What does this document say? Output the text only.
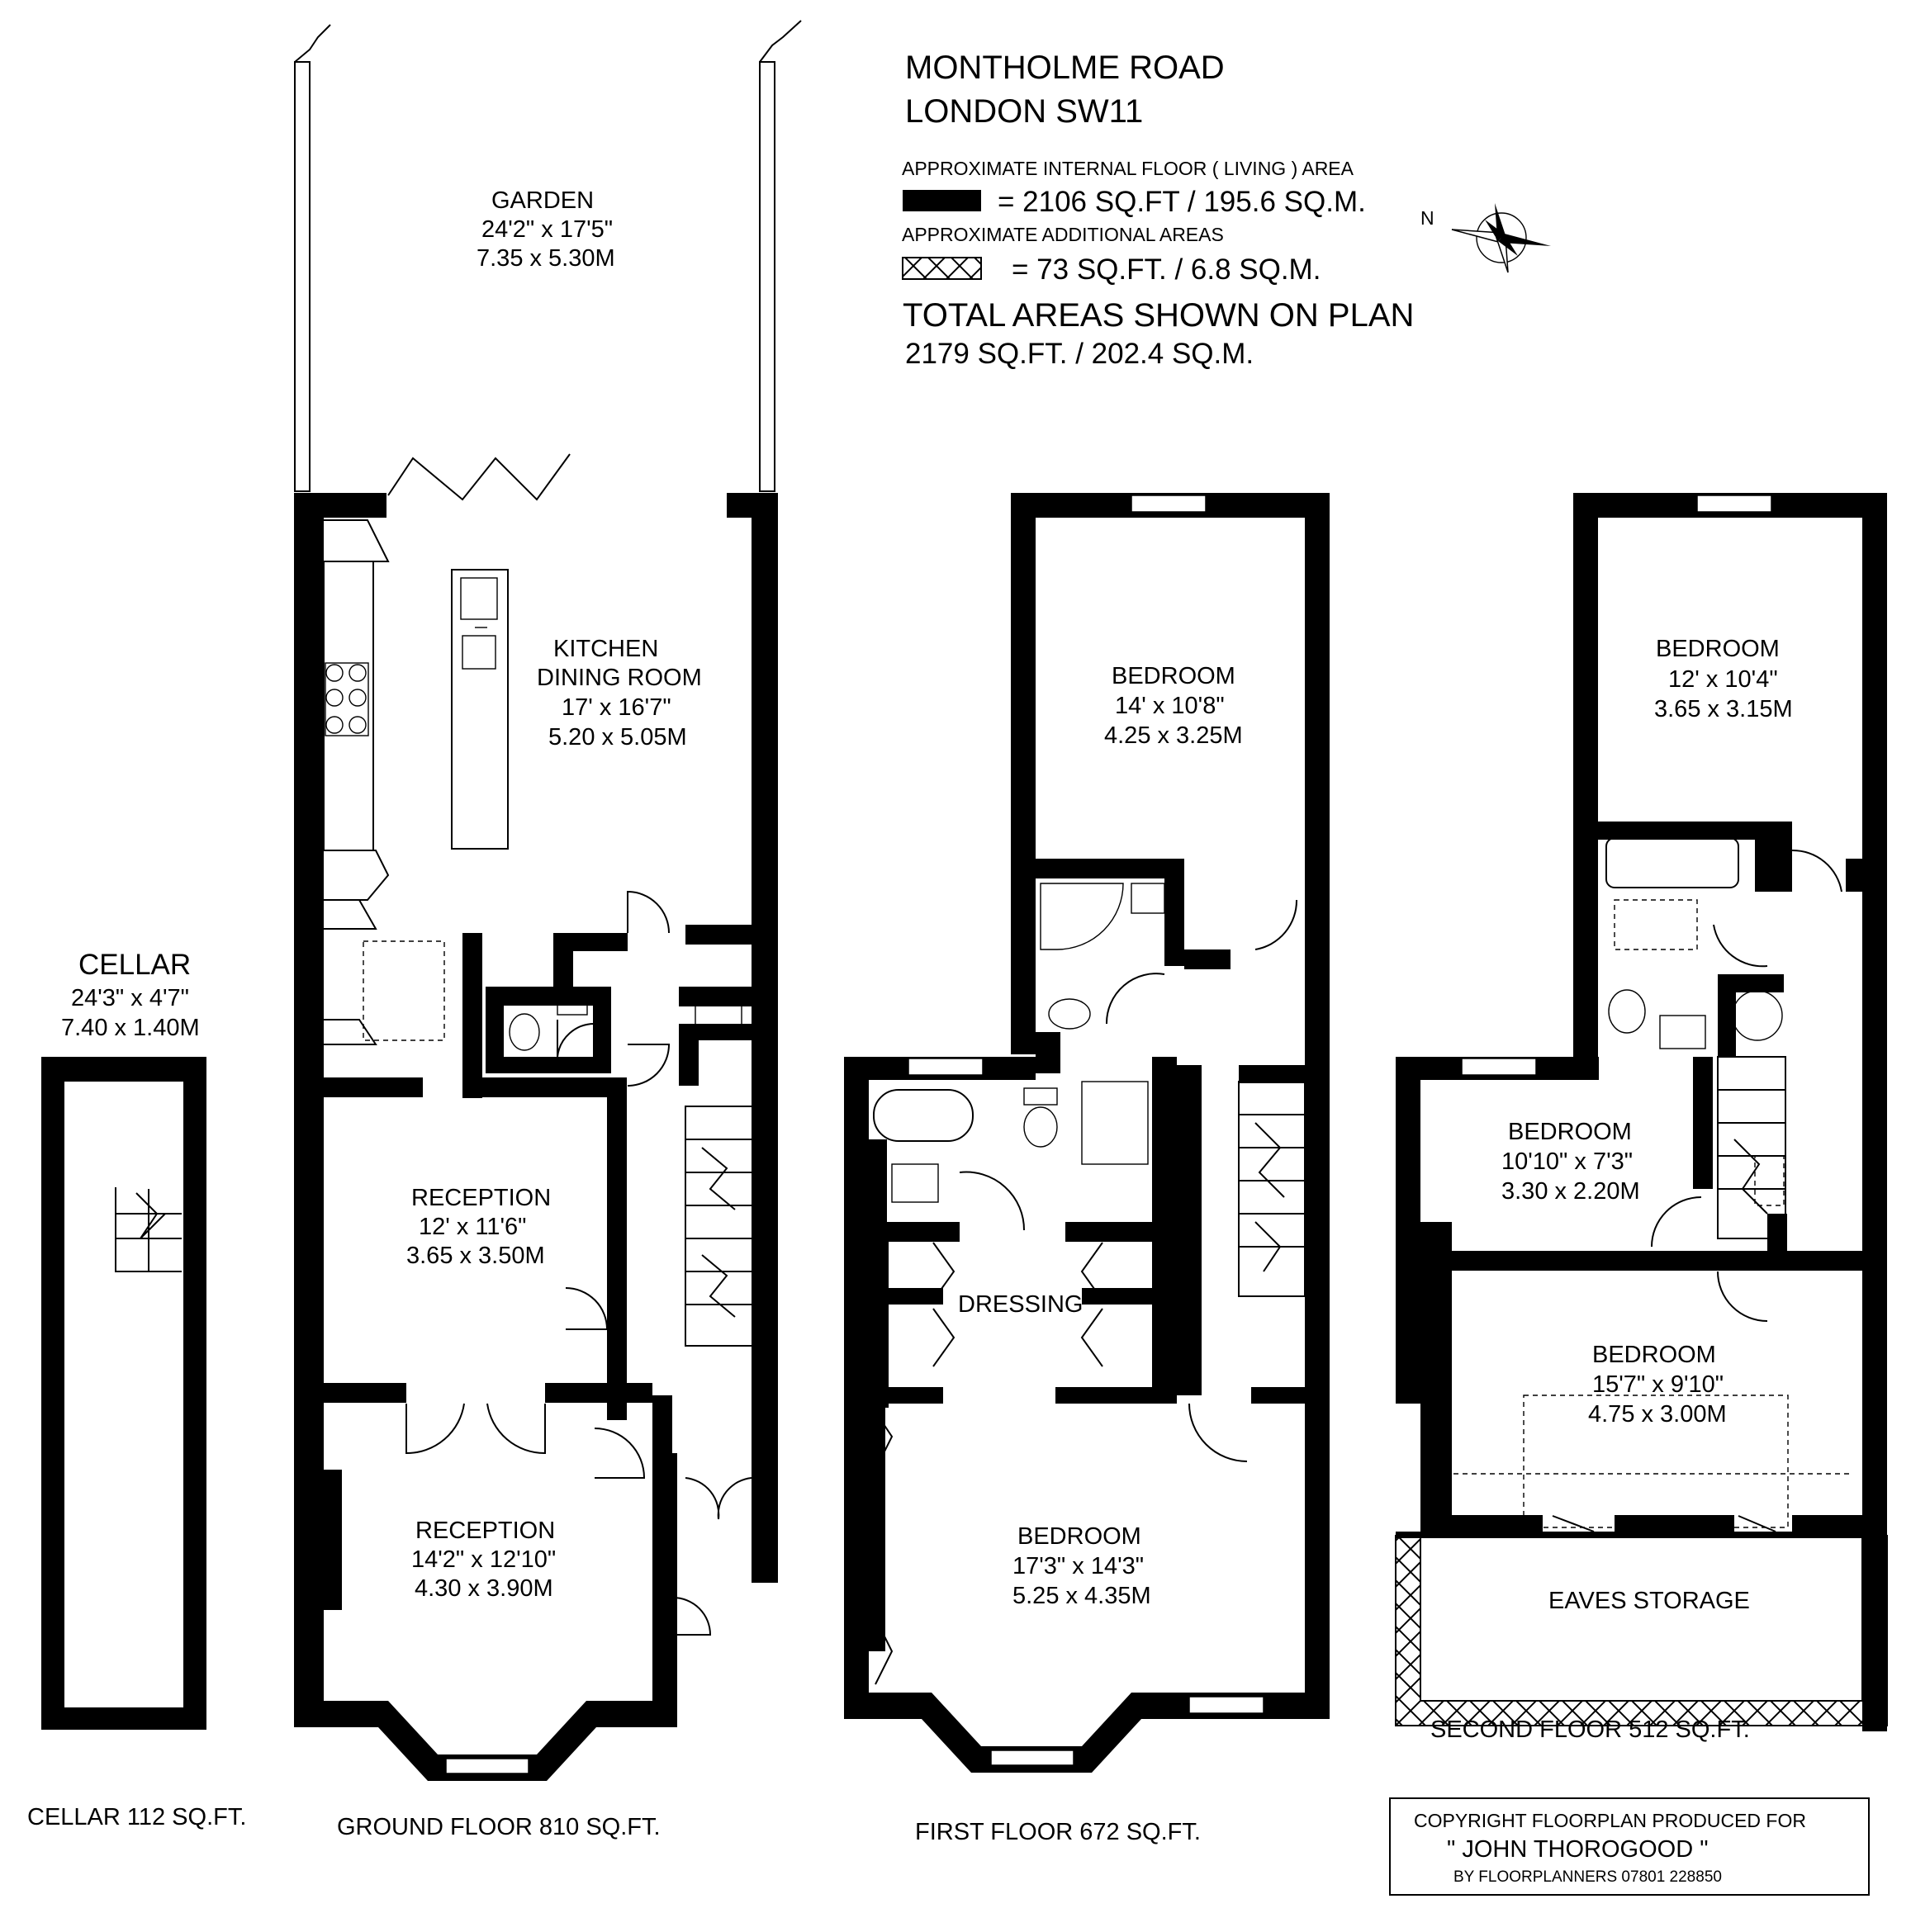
MONTHOLME ROAD
LONDON SW11
APPROXIMATE INTERNAL FLOOR ( LIVING ) AREA
= 2106 SQ.FT / 195.6 SQ.M.
APPROXIMATE ADDITIONAL AREAS
= 73 SQ.FT. / 6.8 SQ.M.
TOTAL AREAS SHOWN ON PLAN
2179 SQ.FT. / 202.4 SQ.M.
N
CELLAR
24'3" x 4'7"
7.40 x 1.40M
GARDEN
24'2" x 17'5"
7.35 x 5.30M
KITCHEN
DINING ROOM
17' x 16'7"
5.20 x 5.05M
RECEPTION
12' x 11'6"
3.65 x 3.50M
RECEPTION
14'2" x 12'10"
4.30 x 3.90M
BEDROOM
14' x 10'8"
4.25 x 3.25M
DRESSING
BEDROOM
17'3" x 14'3"
5.25 x 4.35M
BEDROOM
12' x 10'4"
3.65 x 3.15M
BEDROOM
10'10" x 7'3"
3.30 x 2.20M
BEDROOM
15'7" x 9'10"
4.75 x 3.00M
EAVES STORAGE
CELLAR 112 SQ.FT.	GROUND FLOOR 810 SQ.FT.	FIRST FLOOR 672 SQ.FT.
SECOND FLOOR 512 SQ.FT.
COPYRIGHT FLOORPLAN PRODUCED FOR
" JOHN THOROGOOD "
BY FLOORPLANNERS 07801 228850
